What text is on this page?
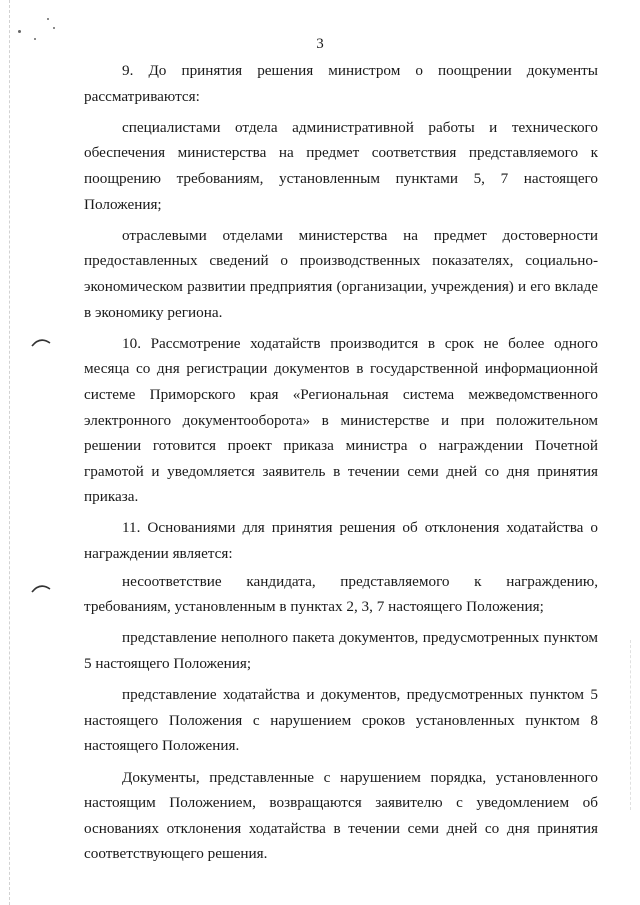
3

9. До принятия решения министром о поощрении документы рассматриваются:

специалистами отдела административной работы и технического обеспечения министерства на предмет соответствия представляемого к поощрению требованиям, установленным пунктами 5, 7 настоящего Положения;

отраслевыми отделами министерства на предмет достоверности предоставленных сведений о производственных показателях, социально-экономическом развитии предприятия (организации, учреждения) и его вкладе в экономику региона.

10. Рассмотрение ходатайств производится в срок не более одного месяца со дня регистрации документов в государственной информационной системе Приморского края «Региональная система межведомственного электронного документооборота» в министерстве и при положительном решении готовится проект приказа министра о награждении Почетной грамотой и уведомляется заявитель в течении семи дней со дня принятия приказа.

11. Основаниями для принятия решения об отклонения ходатайства о награждении является:

несоответствие кандидата, представляемого к награждению, требованиям, установленным в пунктах 2, 3, 7 настоящего Положения;

представление неполного пакета документов, предусмотренных пунктом 5 настоящего Положения;

представление ходатайства и документов, предусмотренных пунктом 5 настоящего Положения с нарушением сроков установленных пунктом 8 настоящего Положения.

Документы, представленные с нарушением порядка, установленного настоящим Положением, возвращаются заявителю с уведомлением об основаниях отклонения ходатайства в течении семи дней со дня принятия соответствующего решения.
